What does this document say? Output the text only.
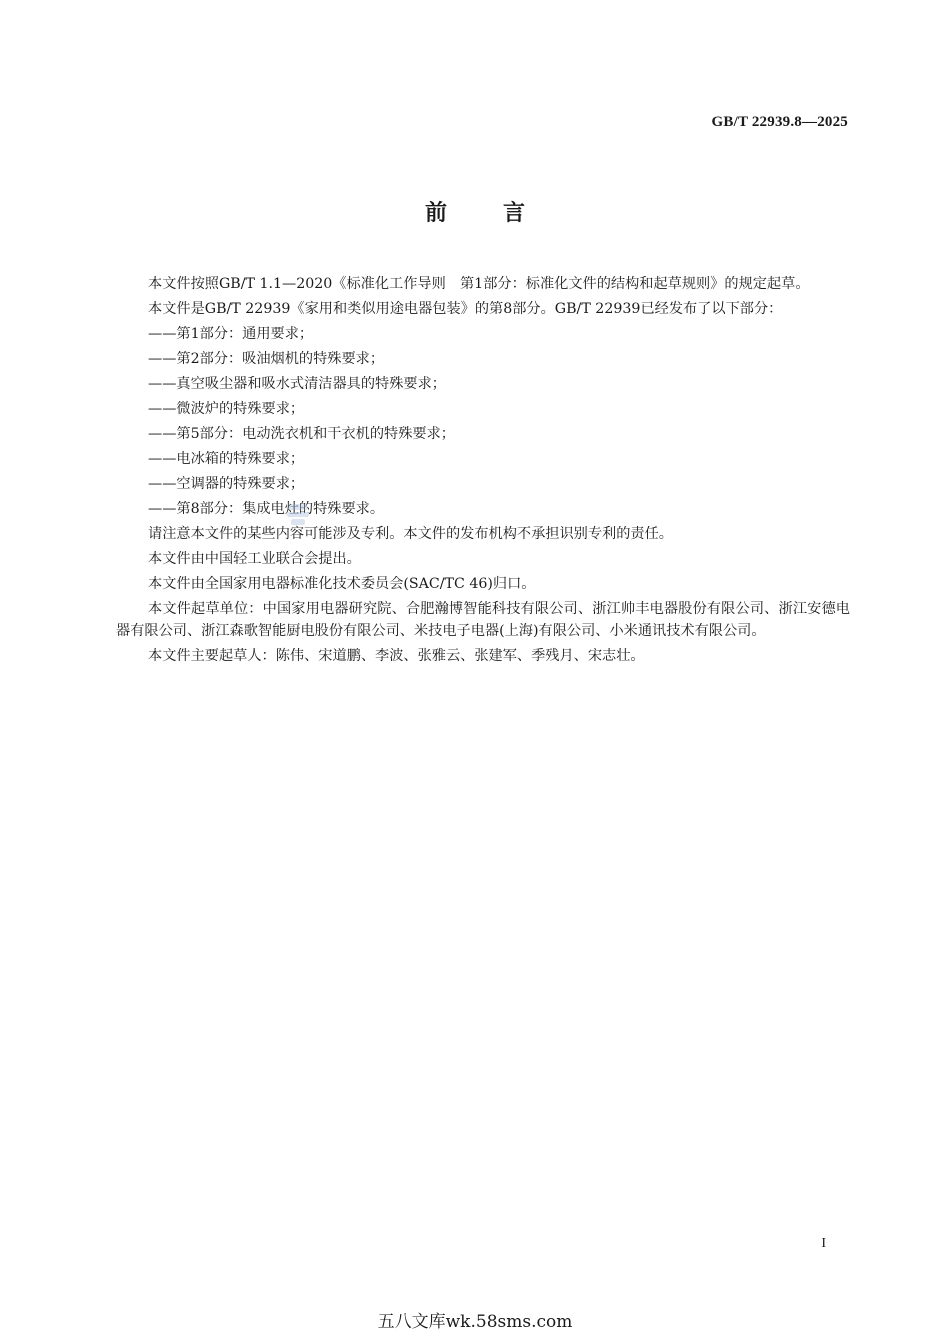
GB/T 22939.8—2025
前言

本文件按照GB/T 1.1—2020《标准化工作导则　第1部分：标准化文件的结构和起草规则》的规定起草。

本文件是GB/T 22939《家用和类似用途电器包装》的第8部分。GB/T 22939已经发布了以下部分：

——第1部分：通用要求；
——第2部分：吸油烟机的特殊要求；
——真空吸尘器和吸水式清洁器具的特殊要求；
——微波炉的特殊要求；
——第5部分：电动洗衣机和干衣机的特殊要求；
——电冰箱的特殊要求；
——空调器的特殊要求；
——第8部分：集成电灶的特殊要求。

请注意本文件的某些内容可能涉及专利。本文件的发布机构不承担识别专利的责任。

本文件由中国轻工业联合会提出。

本文件由全国家用电器标准化技术委员会(SAC/TC 46)归口。

本文件起草单位：中国家用电器研究院、合肥瀚博智能科技有限公司、浙江帅丰电器股份有限公司、浙江安德电器有限公司、浙江森歌智能厨电股份有限公司、米技电子电器(上海)有限公司、小米通讯技术有限公司。

本文件主要起草人：陈伟、宋道鹏、李波、张雅云、张建军、季残月、宋志壮。

I
五八文库wk.58sms.com
